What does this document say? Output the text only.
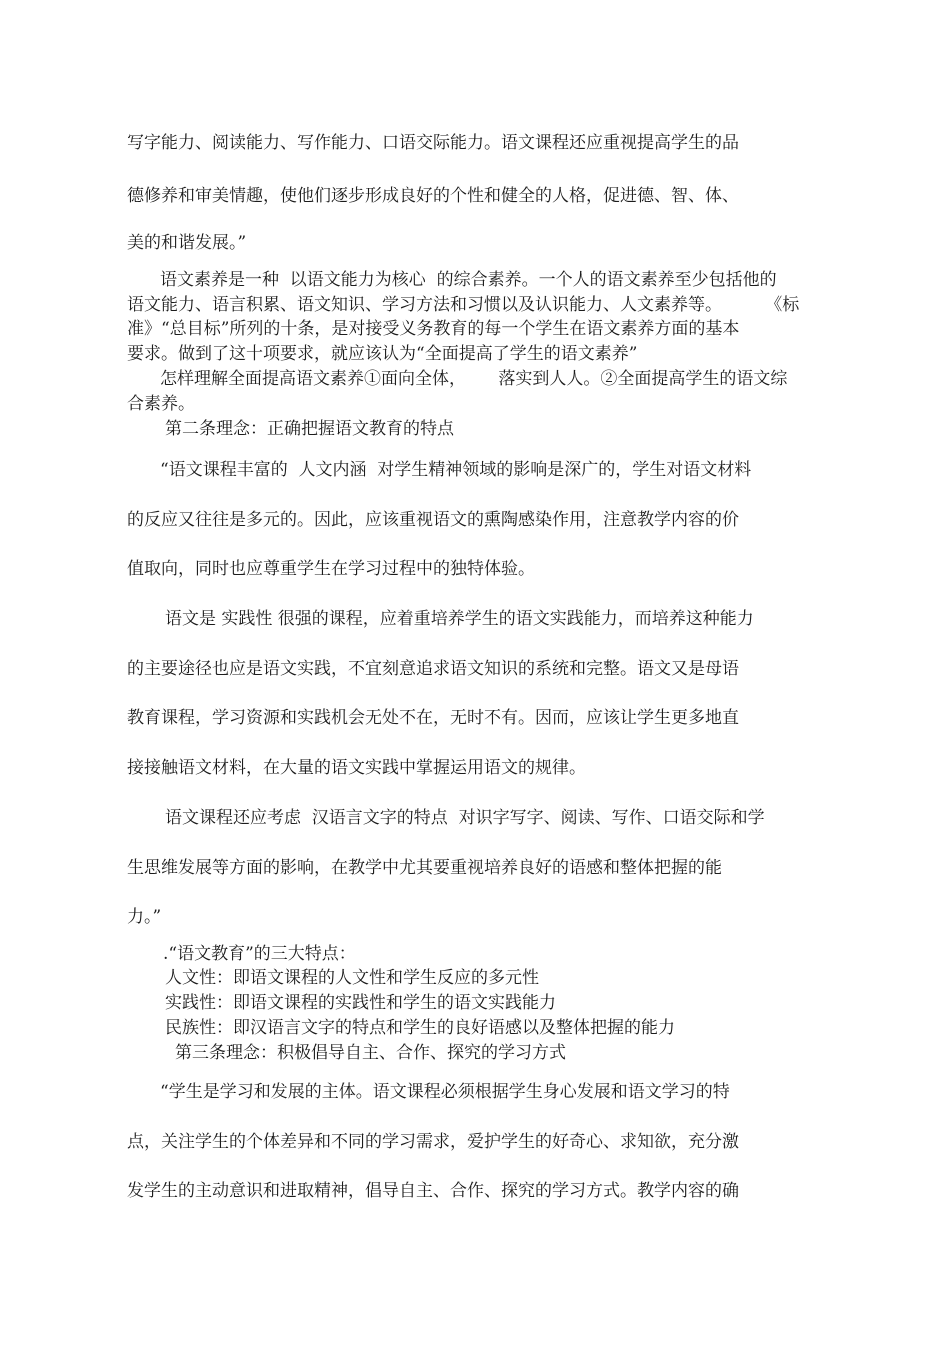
写字能力、阅读能力、写作能力、口语交际能力。语文课程还应重视提高学生的品

德修养和审美情趣，使他们逐步形成良好的个性和健全的人格，促进德、智、体、

美的和谐发展。”

语文素养是一种  以语文能力为核心  的综合素养。一个人的语文素养至少包括他的

语文能力、语言积累、语文知识、学习方法和习惯以及认识能力、人文素养等。        《标

准》“总目标”所列的十条，是对接受义务教育的每一个学生在语文素养方面的基本

要求。做到了这十项要求，就应该认为“全面提高了学生的语文素养”

怎样理解全面提高语文素养①面向全体，      落实到人人。②全面提高学生的语文综

合素养。

第二条理念：正确把握语文教育的特点

“语文课程丰富的  人文内涵  对学生精神领域的影响是深广的，学生对语文材料

的反应又往往是多元的。因此，应该重视语文的熏陶感染作用，注意教学内容的价

值取向，同时也应尊重学生在学习过程中的独特体验。

语文是 实践性 很强的课程，应着重培养学生的语文实践能力，而培养这种能力

的主要途径也应是语文实践，不宜刻意追求语文知识的系统和完整。语文又是母语

教育课程，学习资源和实践机会无处不在，无时不有。因而，应该让学生更多地直

接接触语文材料，在大量的语文实践中掌握运用语文的规律。

语文课程还应考虑  汉语言文字的特点  对识字写字、阅读、写作、口语交际和学

生思维发展等方面的影响，在教学中尤其要重视培养良好的语感和整体把握的能

力。”

.“语文教育”的三大特点：

人文性：即语文课程的人文性和学生反应的多元性

实践性：即语文课程的实践性和学生的语文实践能力

民族性：即汉语言文字的特点和学生的良好语感以及整体把握的能力

第三条理念：积极倡导自主、合作、探究的学习方式

“学生是学习和发展的主体。语文课程必须根据学生身心发展和语文学习的特

点，关注学生的个体差异和不同的学习需求，爱护学生的好奇心、求知欲，充分激

发学生的主动意识和进取精神，倡导自主、合作、探究的学习方式。教学内容的确
